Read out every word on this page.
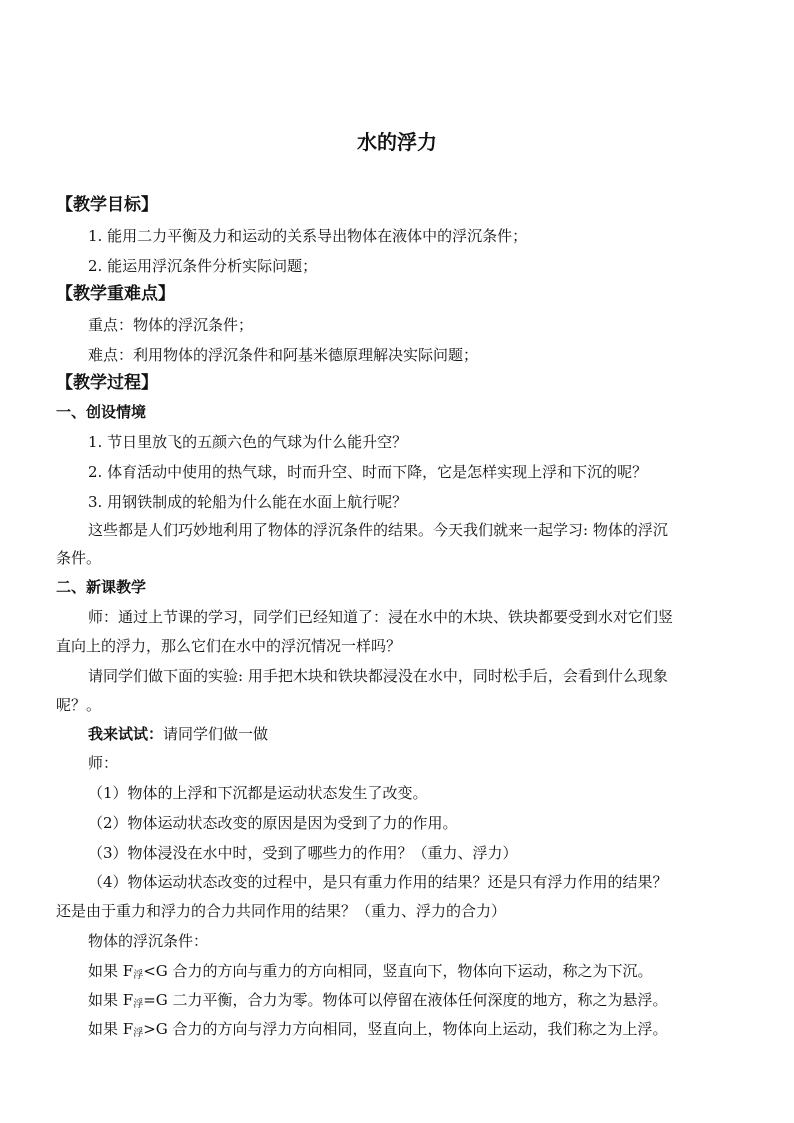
水的浮力
【教学目标】
1. 能用二力平衡及力和运动的关系导出物体在液体中的浮沉条件；
2. 能运用浮沉条件分析实际问题；
【教学重难点】
重点：物体的浮沉条件；
难点：利用物体的浮沉条件和阿基米德原理解决实际问题；
【教学过程】
一、创设情境
1. 节日里放飞的五颜六色的气球为什么能升空？
2. 体育活动中使用的热气球，时而升空、时而下降，它是怎样实现上浮和下沉的呢？
3. 用钢铁制成的轮船为什么能在水面上航行呢？
这些都是人们巧妙地利用了物体的浮沉条件的结果。今天我们就来一起学习: 物体的浮沉
条件。
二、新课教学
师：通过上节课的学习，同学们已经知道了：浸在水中的木块、铁块都要受到水对它们竖
直向上的浮力，那么它们在水中的浮沉情况一样吗？
请同学们做下面的实验: 用手把木块和铁块都浸没在水中，同时松手后，会看到什么现象
呢？。
我来试试：请同学们做一做
师：
（1）物体的上浮和下沉都是运动状态发生了改变。
（2）物体运动状态改变的原因是因为受到了力的作用。
（3）物体浸没在水中时，受到了哪些力的作用？（重力、浮力）
（4）物体运动状态改变的过程中，是只有重力作用的结果？还是只有浮力作用的结果？
还是由于重力和浮力的合力共同作用的结果？（重力、浮力的合力）
物体的浮沉条件：
如果 $F_浮<G$ 合力的方向与重力的方向相同，竖直向下，物体向下运动，称之为下沉。
如果 $F_浮=G$ 二力平衡，合力为零。物体可以停留在液体任何深度的地方，称之为悬浮。
如果 $F_浮>G$ 合力的方向与浮力方向相同，竖直向上，物体向上运动，我们称之为上浮。
